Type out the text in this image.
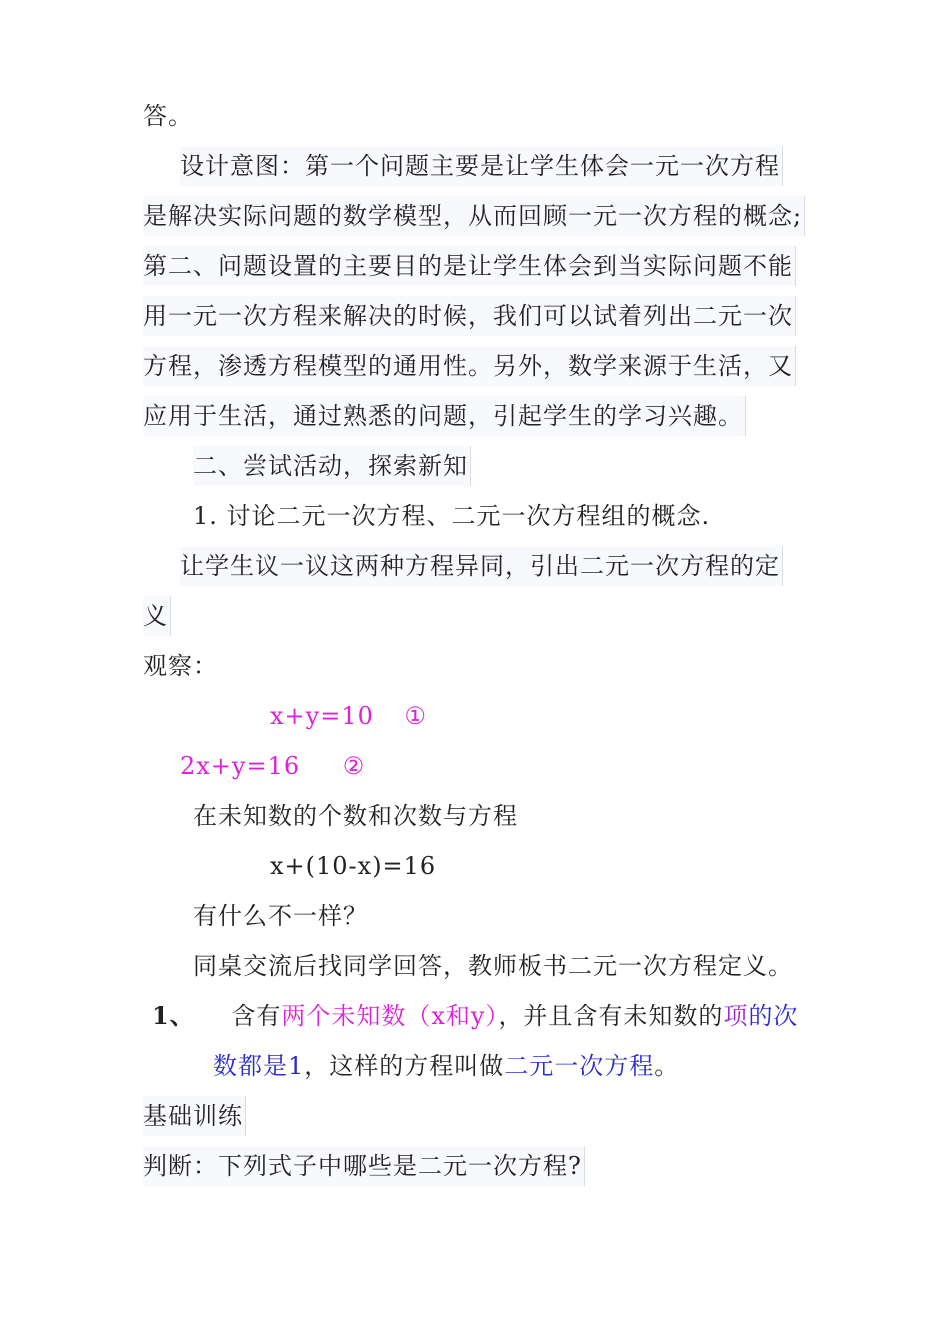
答。
设计意图：第一个问题主要是让学生体会一元一次方程
是解决实际问题的数学模型，从而回顾一元一次方程的概念;
第二、问题设置的主要目的是让学生体会到当实际问题不能
用一元一次方程来解决的时候，我们可以试着列出二元一次
方程，渗透方程模型的通用性。另外，数学来源于生活，又
应用于生活，通过熟悉的问题，引起学生的学习兴趣。
二、尝试活动，探索新知
1. 讨论二元一次方程、二元一次方程组的概念.
让学生议一议这两种方程异同，引出二元一次方程的定
义
观察：
x+y=10 ①
2x+y=16 ②
在未知数的个数和次数与方程
x+(10-x)=16
有什么不一样？
同桌交流后找同学回答，教师板书二元一次方程定义。
1、 含有两个未知数（x和y），并且含有未知数的项的次
数都是1，这样的方程叫做二元一次方程。
基础训练
判断：下列式子中哪些是二元一次方程?
